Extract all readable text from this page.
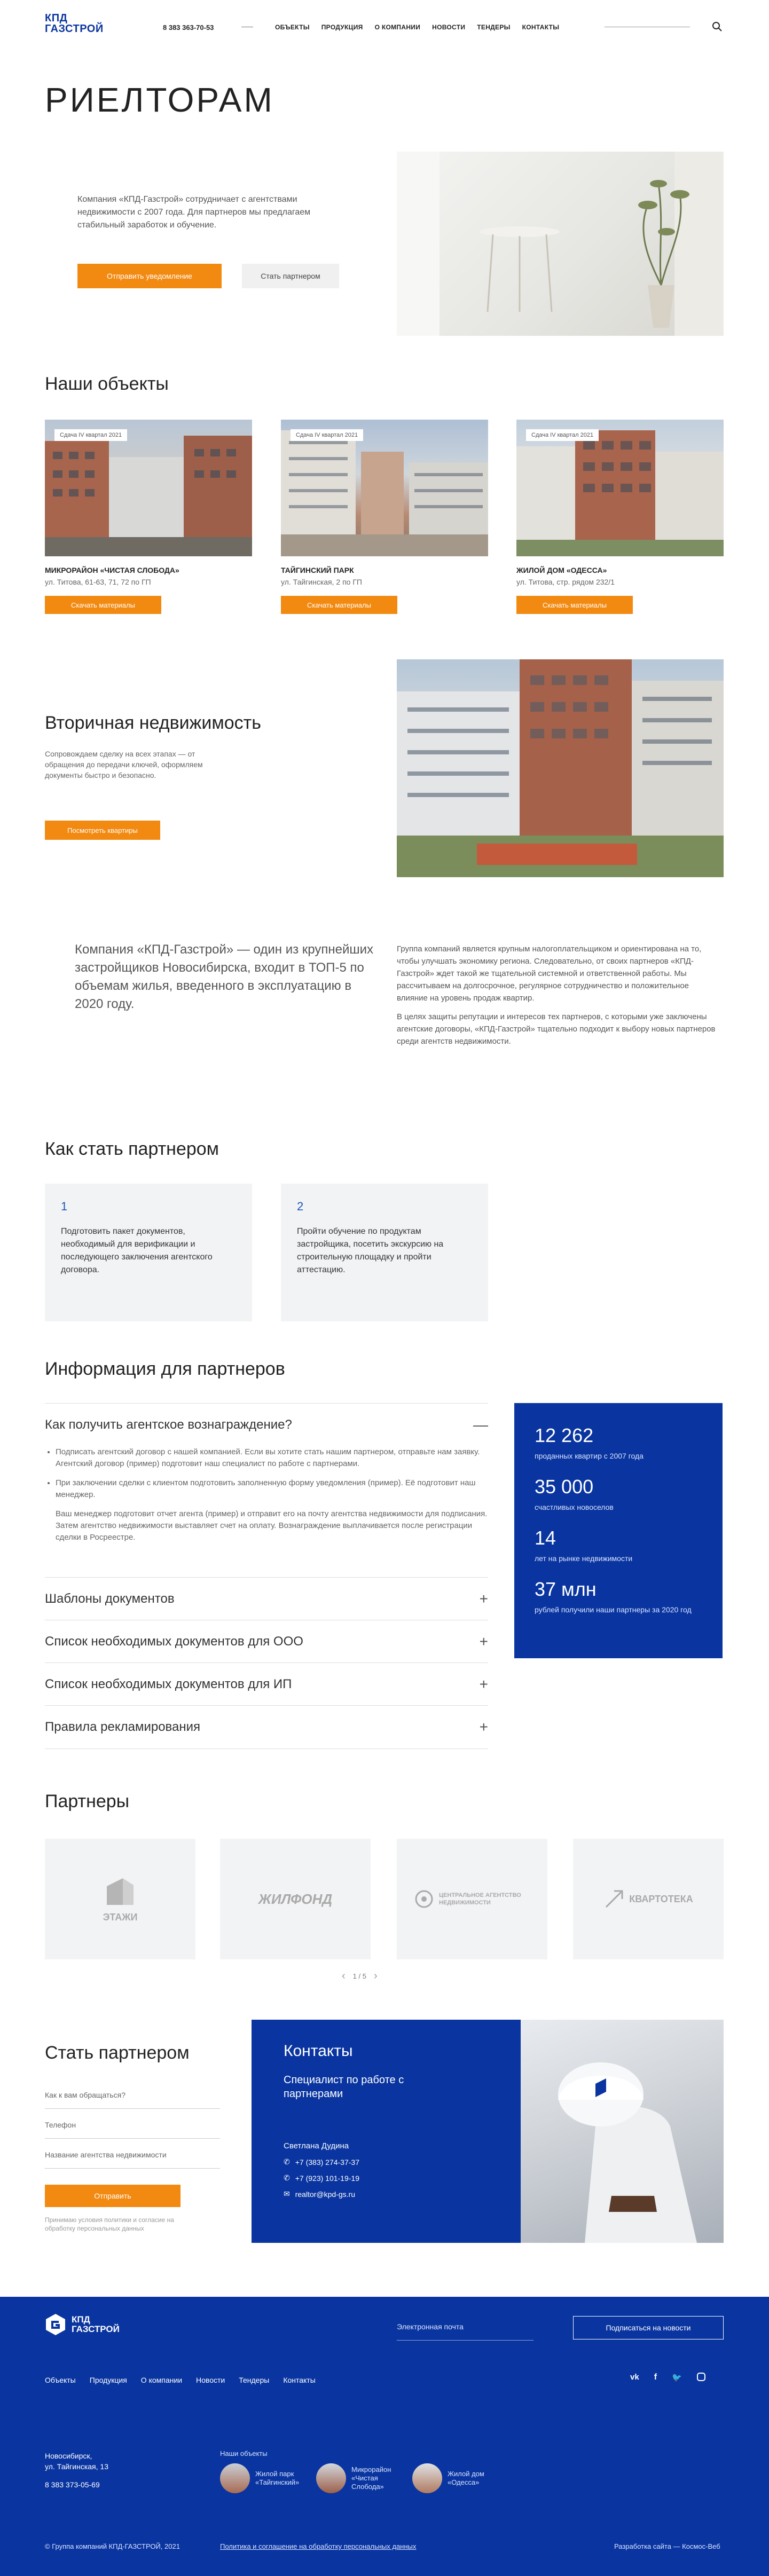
КПД
ГАЗСТРОЙ	8 383 363-70-53	ОБЪЕКТЫ ПРОДУКЦИЯ О КОМПАНИИ НОВОСТИ ТЕНДЕРЫ КОНТАКТЫ
РИЕЛТОРАМ

Компания «КПД-Газстрой» сотрудничает с агентствами недвижимости с 2007 года. Для партнеров мы предлагаем стабильный заработок и обучение.

Отправить уведомление	Стать партнером
Наши объекты
Сдача IV квартал 2021
МИКРОРАЙОН «ЧИСТАЯ СЛОБОДА»
ул. Титова, 61-63, 71, 72 по ГП
Скачать материалы
Сдача IV квартал 2021
ТАЙГИНСКИЙ ПАРК
ул. Тайгинская, 2 по ГП
Скачать материалы
Сдача IV квартал 2021
ЖИЛОЙ ДОМ «ОДЕССА»
ул. Титова, стр. рядом 232/1
Скачать материалы
Вторичная недвижимость

Сопровождаем сделку на всех этапах — от обращения до передачи ключей, оформляем документы быстро и безопасно.

Посмотреть квартиры

Компания «КПД-Газстрой» — один из крупнейших застройщиков Новосибирска, входит в ТОП-5 по объемам жилья, введенного в эксплуатацию в 2020 году.

Группа компаний является крупным налогоплательщиком и ориентирована на то, чтобы улучшать экономику региона. Следовательно, от своих партнеров «КПД-Газстрой» ждет такой же тщательной системной и ответственной работы. Мы рассчитываем на долгосрочное, регулярное сотрудничество и положительное влияние на уровень продаж квартир.

В целях защиты репутации и интересов тех партнеров, с которыми уже заключены агентские договоры, «КПД-Газстрой» тщательно подходит к выбору новых партнеров среди агентств недвижимости.

Как стать партнером
1
Подготовить пакет документов, необходимый для верификации и последующего заключения агентского договора.
2
Пройти обучение по продуктам застройщика, посетить экскурсию на строительную площадку и пройти аттестацию.
Информация для партнеров
Как получить агентское вознаграждение?	—
• Подписать агентский договор с нашей компанией. Если вы хотите стать нашим партнером, отправьте нам заявку. Агентский договор (пример) подготовит наш специалист по работе с партнерами.
• При заключении сделки с клиентом подготовить заполненную форму уведомления (пример). Её подготовит наш менеджер.
Ваш менеджер подготовит отчет агента (пример) и отправит его на почту агентства недвижимости для подписания. Затем агентство недвижимости выставляет счет на оплату. Вознаграждение выплачивается после регистрации сделки в Росреестре.
Шаблоны документов	+
Список необходимых документов для ООО	+
Список необходимых документов для ИП	+
Правила рекламирования	+
12 262
проданных квартир с 2007 года
35 000
счастливых новоселов
14
лет на рынке недвижимости
37 млн
рублей получили наши партнеры за 2020 год
Партнеры
ЭТАЖИ
ЖИЛФОНД	ЦЕНТРАЛЬНОЕ АГЕНТСТВО НЕДВИЖИМОСТИ	КВАРТОТЕКА
‹ 1 / 5 ›
Стать партнером
Как к вам обращаться?
Телефон
Название агентства недвижимости
Отправить

Принимаю условия политики и согласие на обработку персональных данных

Контакты
Специалист по работе с партнерами
Светлана Дудина
✆ +7 (383) 274-37-37
✆ +7 (923) 101-19-19
✉ realtor@kpd-gs.ru
КПД
ГАЗСТРОЙ	Электронная почта	Подписаться на новости
Объекты Продукция О компании Новости Тендеры Контакты	vk f 🐦
Новосибирск,
ул. Тайгинская, 13
8 383 373-05-69
Наши объекты
Жилой парк «Тайгинский»
Микрорайон «Чистая Слобода»
Жилой дом «Одесса»
© Группа компаний КПД-ГАЗСТРОЙ, 2021	Политика и соглашение на обработку персональных данных	Разработка сайта — Космос-Веб
